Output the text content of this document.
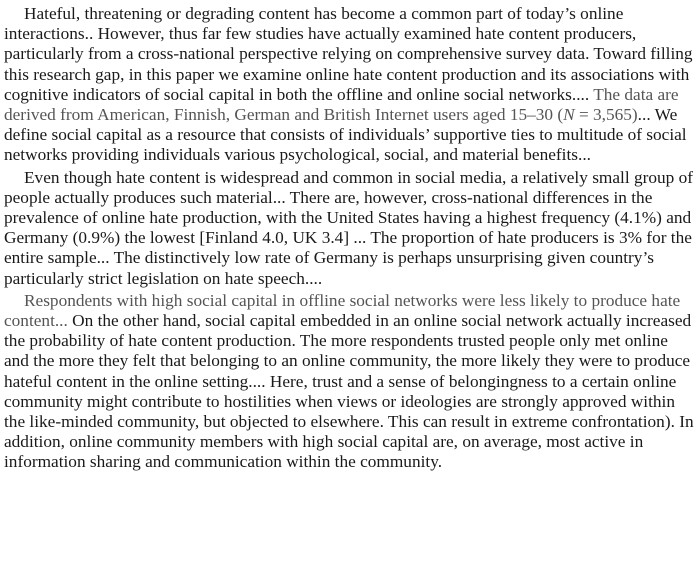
Hateful, threatening or degrading content has become a common part of today’s online interactions.. However, thus far few studies have actually examined hate content producers, particularly from a cross-national perspective relying on comprehensive survey data. Toward filling this research gap, in this paper we examine online hate content production and its associations with cognitive indicators of social capital in both the offline and online social networks.... The data are derived from American, Finnish, German and British Internet users aged 15–30 (N = 3,565)... We define social capital as a resource that consists of individuals’ supportive ties to multitude of social networks providing individuals various psychological, social, and material benefits...

Even though hate content is widespread and common in social media, a relatively small group of people actually produces such material... There are, however, cross-national differences in the prevalence of online hate production, with the United States having a highest frequency (4.1%) and Germany (0.9%) the lowest [Finland 4.0, UK 3.4] ... The proportion of hate producers is 3% for the entire sample... The distinctively low rate of Germany is perhaps unsurprising given country’s particularly strict legislation on hate speech....

Respondents with high social capital in offline social networks were less likely to produce hate content... On the other hand, social capital embedded in an online social network actually increased the probability of hate content production. The more respondents trusted people only met online and the more they felt that belonging to an online community, the more likely they were to produce hateful content in the online setting.... Here, trust and a sense of belongingness to a certain online community might contribute to hostilities when views or ideologies are strongly approved within the like-minded community, but objected to elsewhere. This can result in extreme confrontation). In addition, online community members with high social capital are, on average, most active in information sharing and communication within the community.
